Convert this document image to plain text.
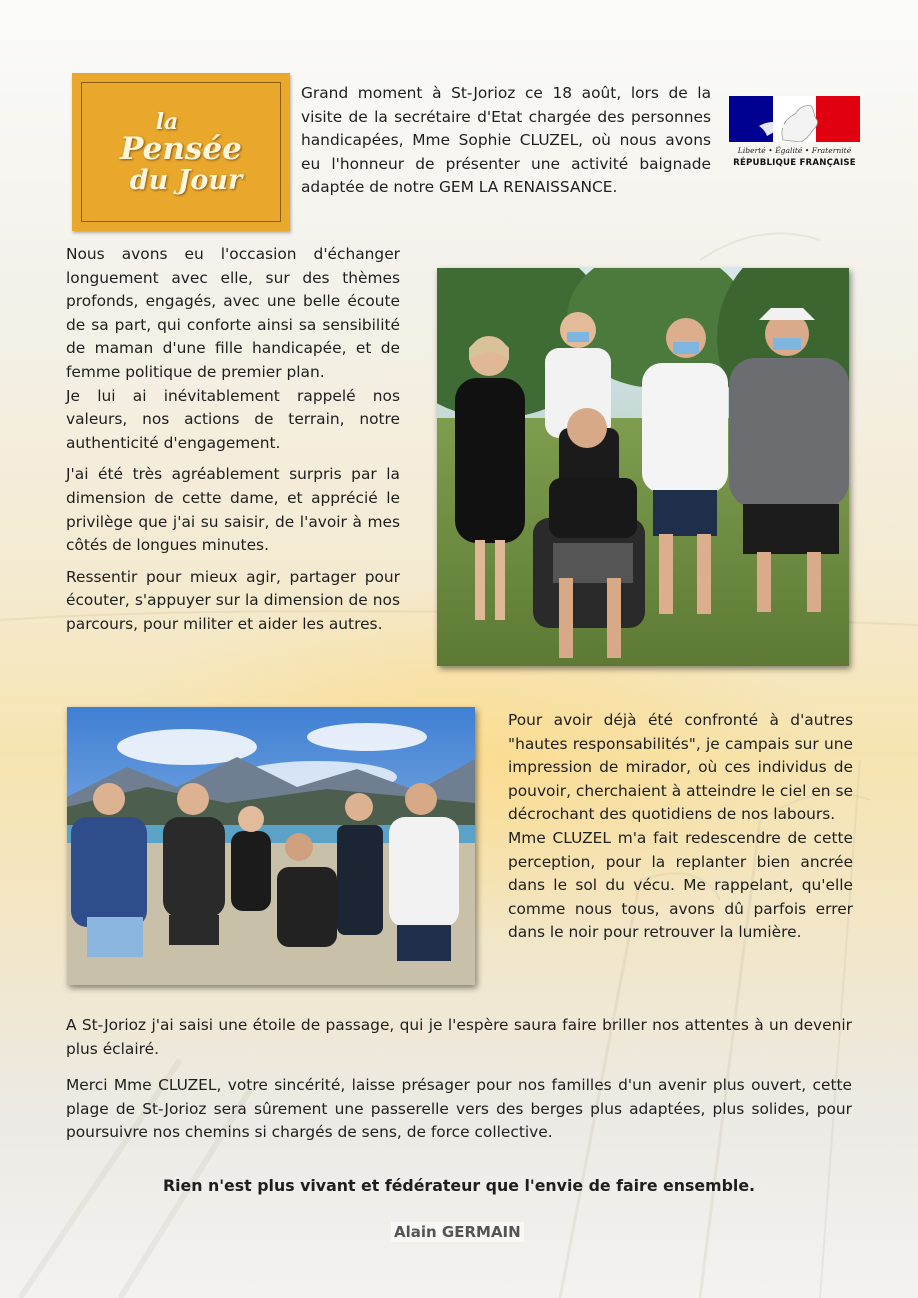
la
Pensée
du Jour
Liberté • Égalité • Fraternité
RÉPUBLIQUE FRANÇAISE
Grand moment à St-Jorioz ce 18 août, lors de la visite de la secrétaire d'Etat chargée des personnes handicapées, Mme Sophie CLUZEL, où nous avons eu l'honneur de présenter une activité baignade adaptée de notre GEM LA RENAISSANCE.

Nous avons eu l'occasion d'échanger longuement avec elle, sur des thèmes profonds, engagés, avec une belle écoute de sa part, qui conforte ainsi sa sensibilité de maman d'une fille handicapée, et de femme politique de premier plan.

Je lui ai inévitablement rappelé nos valeurs, nos actions de terrain, notre authenticité d'engagement.

J'ai été très agréablement surpris par la dimension de cette dame, et apprécié le privilège que j'ai su saisir, de l'avoir à mes côtés de longues minutes.

Ressentir pour mieux agir, partager pour écouter, s'appuyer sur la dimension de nos parcours, pour militer et aider les autres.

Pour avoir déjà été confronté à d'autres "hautes responsabilités", je campais sur une impression de mirador, où ces individus de pouvoir, cherchaient à atteindre le ciel en se décrochant des quotidiens de nos labours.

Mme CLUZEL m'a fait redescendre de cette perception, pour la replanter bien ancrée dans le sol du vécu. Me rappelant, qu'elle comme nous tous, avons dû parfois errer dans le noir pour retrouver la lumière.

A St-Jorioz j'ai saisi une étoile de passage, qui je l'espère saura faire briller nos attentes à un devenir plus éclairé.

Merci Mme CLUZEL, votre sincérité, laisse présager pour nos familles d'un avenir plus ouvert, cette plage de St-Jorioz sera sûrement une passerelle vers des berges plus adaptées, plus solides, pour poursuivre nos chemins si chargés de sens, de force collective.

Rien n'est plus vivant et fédérateur que l'envie de faire ensemble.
Alain GERMAIN
